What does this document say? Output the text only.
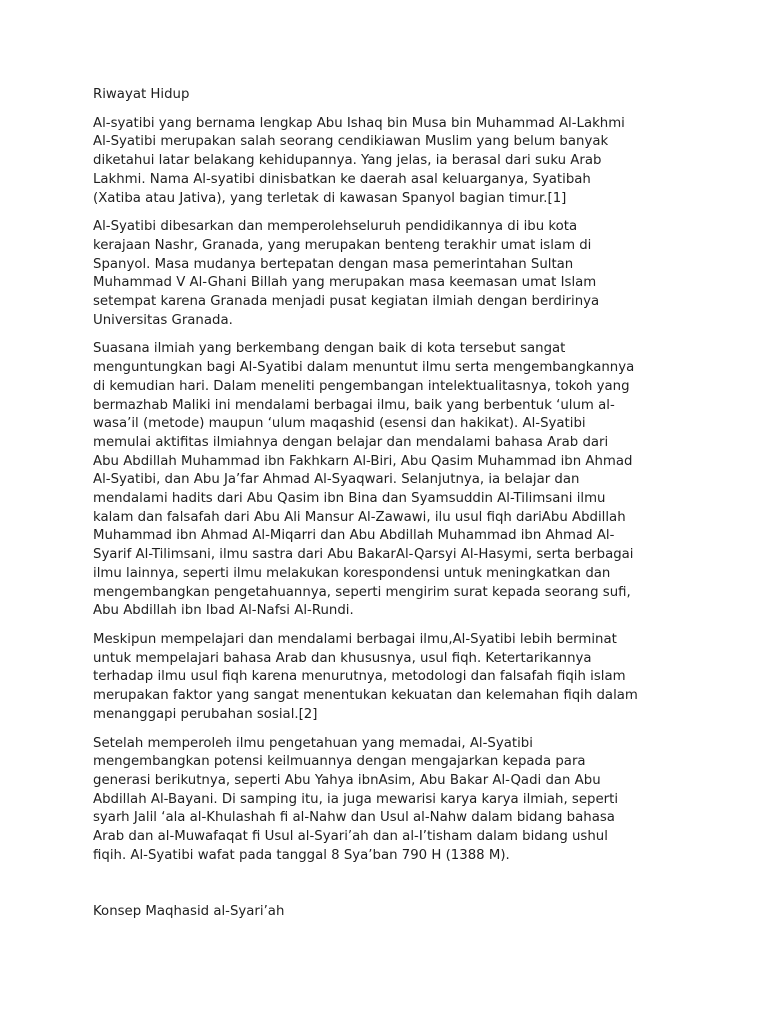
Riwayat Hidup

Al-syatibi yang bernama lengkap Abu Ishaq bin Musa bin Muhammad Al-Lakhmi
Al-Syatibi merupakan salah seorang cendikiawan Muslim yang belum banyak
diketahui latar belakang kehidupannya. Yang jelas, ia berasal dari suku Arab
Lakhmi. Nama Al-syatibi dinisbatkan ke daerah asal keluarganya, Syatibah
(Xatiba atau Jativa), yang terletak di kawasan Spanyol bagian timur.[1]

Al-Syatibi dibesarkan dan memperolehseluruh pendidikannya di ibu kota
kerajaan Nashr, Granada, yang merupakan benteng terakhir umat islam di
Spanyol. Masa mudanya bertepatan dengan masa pemerintahan Sultan
Muhammad V Al-Ghani Billah yang merupakan masa keemasan umat Islam
setempat karena Granada menjadi pusat kegiatan ilmiah dengan berdirinya
Universitas Granada.

Suasana ilmiah yang berkembang dengan baik di kota tersebut sangat
menguntungkan bagi Al-Syatibi dalam menuntut ilmu serta mengembangkannya
di kemudian hari. Dalam meneliti pengembangan intelektualitasnya, tokoh yang
bermazhab Maliki ini mendalami berbagai ilmu, baik yang berbentuk ‘ulum al-
wasa’il (metode) maupun ‘ulum maqashid (esensi dan hakikat). Al-Syatibi
memulai aktifitas ilmiahnya dengan belajar dan mendalami bahasa Arab dari
Abu Abdillah Muhammad ibn Fakhkarn Al-Biri, Abu Qasim Muhammad ibn Ahmad
Al-Syatibi, dan Abu Ja’far Ahmad Al-Syaqwari. Selanjutnya, ia belajar dan
mendalami hadits dari Abu Qasim ibn Bina dan Syamsuddin Al-Tilimsani ilmu
kalam dan falsafah dari Abu Ali Mansur Al-Zawawi, ilu usul fiqh dariAbu Abdillah
Muhammad ibn Ahmad Al-Miqarri dan Abu Abdillah Muhammad ibn Ahmad Al-
Syarif Al-Tilimsani, ilmu sastra dari Abu BakarAl-Qarsyi Al-Hasymi, serta berbagai
ilmu lainnya, seperti ilmu melakukan korespondensi untuk meningkatkan dan
mengembangkan pengetahuannya, seperti mengirim surat kepada seorang sufi,
Abu Abdillah ibn Ibad Al-Nafsi Al-Rundi.

Meskipun mempelajari dan mendalami berbagai ilmu,Al-Syatibi lebih berminat
untuk mempelajari bahasa Arab dan khususnya, usul fiqh. Ketertarikannya
terhadap ilmu usul fiqh karena menurutnya, metodologi dan falsafah fiqih islam
merupakan faktor yang sangat menentukan kekuatan dan kelemahan fiqih dalam
menanggapi perubahan sosial.[2]

Setelah memperoleh ilmu pengetahuan yang memadai, Al-Syatibi
mengembangkan potensi keilmuannya dengan mengajarkan kepada para
generasi berikutnya, seperti Abu Yahya ibnAsim, Abu Bakar Al-Qadi dan Abu
Abdillah Al-Bayani. Di samping itu, ia juga mewarisi karya karya ilmiah, seperti
syarh Jalil ‘ala al-Khulashah fi al-Nahw dan Usul al-Nahw dalam bidang bahasa
Arab dan al-Muwafaqat fi Usul al-Syari’ah dan al-I’tisham dalam bidang ushul
fiqih. Al-Syatibi wafat pada tanggal 8 Sya’ban 790 H (1388 M).

Konsep Maqhasid al-Syari’ah
